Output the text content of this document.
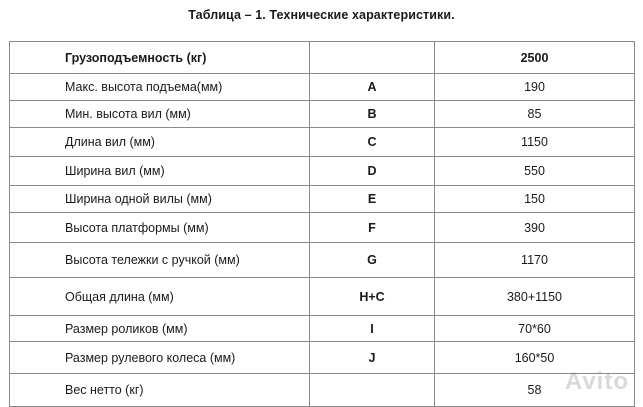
Таблица – 1. Технические характеристики.
Грузоподъемность (кг)		2500
Макс. высота подъема(мм)	A	190
Мин. высота вил (мм)	B	85
Длина вил (мм)	C	1150
Ширина вил (мм)	D	550
Ширина одной вилы (мм)	E	150
Высота платформы (мм)	F	390
Высота тележки с ручкой (мм)	G	1170
Общая длина (мм)	H+C	380+1150
Размер роликов (мм)	I	70*60
Размер рулевого колеса (мм)	J	160*50
Вес нетто (кг)		58 Avito
